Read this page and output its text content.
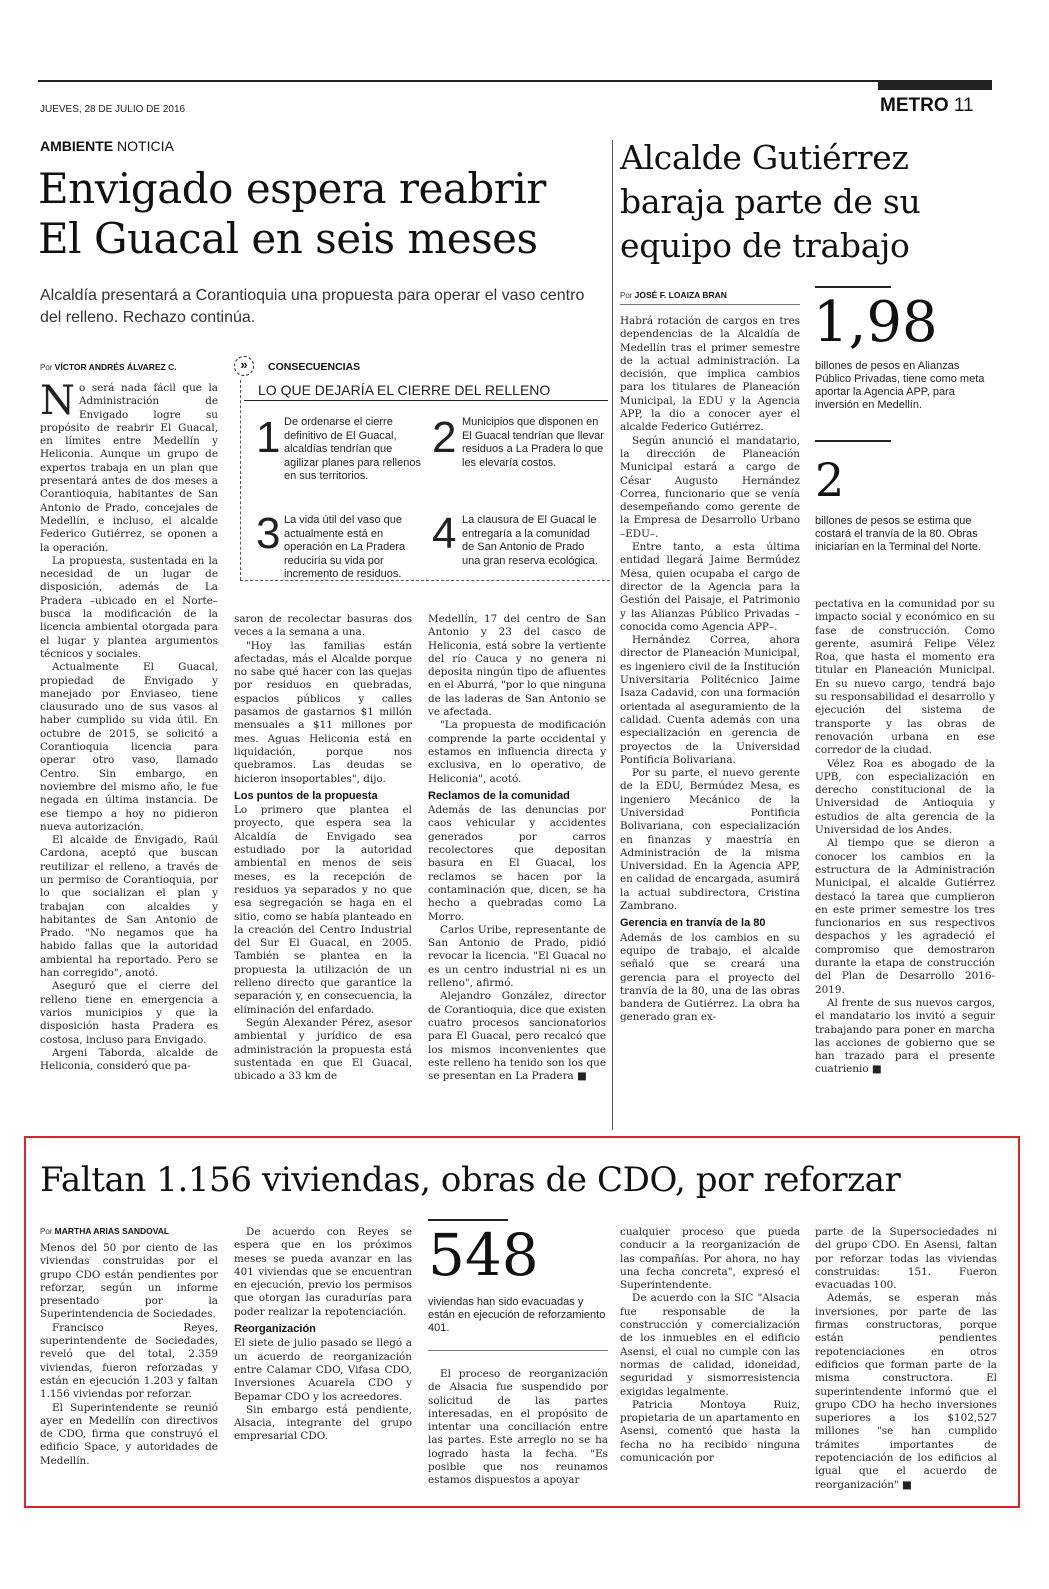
JUEVES, 28 DE JULIO DE 2016	METRO 11
AMBIENTE NOTICIA
Envigado espera reabrir
El Guacal en seis meses
Alcaldía presentará a Corantioquia una propuesta para operar el vaso centro del relleno. Rechazo continúa.
Por VÍCTOR ANDRÉS ÁLVAREZ C.	»	CONSECUENCIAS
LO QUE DEJARÍA EL CIERRE DEL RELLENO
1 De ordenarse el cierre definitivo de El Guacal, alcaldías tendrían que agilizar planes para rellenos en sus territorios.
2 Municipios que disponen en El Guacal tendrían que llevar residuos a La Pradera lo que les elevaría costos.
3 La vida útil del vaso que actualmente está en operación en La Pradera reduciría su vida por incremento de residuos.
4 La clausura de El Guacal le entregaría a la comunidad de San Antonio de Prado una gran reserva ecológica.

No será nada fácil que la Administración de Envigado logre su propósito de reabrir El Guacal, en límites entre Medellín y Heliconia. Aunque un grupo de expertos trabaja en un plan que presentará antes de dos meses a Corantioquia, habitantes de San Antonio de Prado, concejales de Medellín, e incluso, el alcalde Federico Gutiérrez, se oponen a la operación.

La propuesta, sustentada en la necesidad de un lugar de disposición, además de La Pradera –ubicado en el Norte– busca la modificación de la licencia ambiental otorgada para el lugar y plantea argumentos técnicos y sociales.

Actualmente El Guacal, propiedad de Envigado y manejado por Enviaseo, tiene clausurado uno de sus vasos al haber cumplido su vida útil. En octubre de 2015, se solicitó a Corantioquia licencia para operar otro vaso, llamado Centro. Sin embargo, en noviembre del mismo año, le fue negada en última instancia. De ese tiempo a hoy no pidieron nueva autorización.

El alcalde de Envigado, Raúl Cardona, aceptó que buscan reutilizar el relleno, a través de un permiso de Corantioquia, por lo que socializan el plan y trabajan con alcaldes y habitantes de San Antonio de Prado. "No negamos que ha habido fallas que la autoridad ambiental ha reportado. Pero se han corregido", anotó.

Aseguró que el cierre del relleno tiene en emergencia a varios municipios y que la disposición hasta Pradera es costosa, incluso para Envigado.

Argeni Taborda, alcalde de Heliconia, consideró que pa-

saron de recolectar basuras dos veces a la semana a una.

"Hoy las familias están afectadas, más el Alcalde porque no sabe qué hacer con las quejas por residuos en quebradas, espacios públicos y calles pasamos de gastarnos $1 millón mensuales a $11 millones por mes. Aguas Heliconia está en liquidación, porque nos quebramos. Las deudas se hicieron insoportables", dijo.

Los puntos de la propuesta

Lo primero que plantea el proyecto, que espera sea la Alcaldía de Envigado sea estudiado por la autoridad ambiental en menos de seis meses, es la recepción de residuos ya separados y no que esa segregación se haga en el sitio, como se había planteado en la creación del Centro Industrial del Sur El Guacal, en 2005. También se plantea en la propuesta la utilización de un relleno directo que garantice la separación y, en consecuencia, la eliminación del enfardado.

Según Alexander Pérez, asesor ambiental y jurídico de esa administración la propuesta está sustentada en que El Guacal, ubicado a 33 km de

Medellín, 17 del centro de San Antonio y 23 del casco de Heliconia, está sobre la vertiente del río Cauca y no genera ni deposita ningún tipo de afluentes en el Aburrá, "por lo que ninguna de las laderas de San Antonio se ve afectada.

"La propuesta de modificación comprende la parte occidental y estamos en influencia directa y exclusiva, en lo operativo, de Heliconia", acotó.

Reclamos de la comunidad

Además de las denuncias por caos vehicular y accidentes generados por carros recolectores que depositan basura en El Guacal, los reclamos se hacen por la contaminación que, dicen, se ha hecho a quebradas como La Morro.

Carlos Uribe, representante de San Antonio de Prado, pidió revocar la licencia. "El Guacal no es un centro industrial ni es un relleno", afirmó.

Alejandro González, director de Corantioquia, dice que existen cuatro procesos sancionatorios para El Guacal, pero recalcó que los mismos inconvenientes que este relleno ha tenido son los que se presentan en La Pradera ■

Alcalde Gutiérrez
baraja parte de su
equipo de trabajo
Por JOSÉ F. LOAIZA BRAN 1,98
billones de pesos en Alianzas Público Privadas, tiene como meta aportar la Agencia APP, para inversión en Medellín.
2
billones de pesos se estima que costará el tranvía de la 80. Obras iniciarían en la Terminal del Norte.

Habrá rotación de cargos en tres dependencias de la Alcaldía de Medellín tras el primer semestre de la actual administración. La decisión, que implica cambios para los titulares de Planeación Municipal, la EDU y la Agencia APP, la dio a conocer ayer el alcalde Federico Gutiérrez.

Según anunció el mandatario, la dirección de Planeación Municipal estará a cargo de César Augusto Hernández Correa, funcionario que se venía desempeñando como gerente de la Empresa de Desarrollo Urbano –EDU–.

Entre tanto, a esta última entidad llegará Jaime Bermúdez Mesa, quien ocupaba el cargo de director de la Agencia para la Gestión del Paisaje, el Patrimonio y las Alianzas Público Privadas –conocida como Agencia APP–.

Hernández Correa, ahora director de Planeación Municipal, es ingeniero civil de la Institución Universitaria Politécnico Jaime Isaza Cadavid, con una formación orientada al aseguramiento de la calidad. Cuenta además con una especialización en gerencia de proyectos de la Universidad Pontificia Bolivariana.

Por su parte, el nuevo gerente de la EDU, Bermúdez Mesa, es ingeniero Mecánico de la Universidad Pontificia Bolivariana, con especialización en finanzas y maestría en Administración de la misma Universidad. En la Agencia APP, en calidad de encargada, asumirá la actual subdirectora, Cristina Zambrano.

Gerencia en tranvía de la 80

Además de los cambios en su equipo de trabajo, el alcalde señaló que se creará una gerencia para el proyecto del tranvía de la 80, una de las obras bandera de Gutiérrez. La obra ha generado gran ex-

pectativa en la comunidad por su impacto social y económico en su fase de construcción. Como gerente, asumirá Felipe Vélez Roa, que hasta el momento era titular en Planeación Municipal. En su nuevo cargo, tendrá bajo su responsabilidad el desarrollo y ejecución del sistema de transporte y las obras de renovación urbana en ese corredor de la ciudad.

Vélez Roa es abogado de la UPB, con especialización en derecho constitucional de la Universidad de Antioquia y estudios de alta gerencia de la Universidad de los Andes.

Al tiempo que se dieron a conocer los cambios en la estructura de la Administración Municipal, el alcalde Gutiérrez destacó la tarea que cumplieron en este primer semestre los tres funcionarios en sus respectivos despachos y les agradeció el compromiso que demostraron durante la etapa de construcción del Plan de Desarrollo 2016-2019.

Al frente de sus nuevos cargos, el mandatario los invitó a seguir trabajando para poner en marcha las acciones de gobierno que se han trazado para el presente cuatrienio ■

Faltan 1.156 viviendas, obras de CDO, por reforzar
Por MARTHA ARIAS SANDOVAL	548
viviendas han sido evacuadas y están en ejecución de reforzamiento 401.

Menos del 50 por ciento de las viviendas construidas por el grupo CDO están pendientes por reforzar, según un informe presentado por la Superintendencia de Sociedades.

Francisco Reyes, superintendente de Sociedades, reveló que del total, 2.359 viviendas, fueron reforzadas y están en ejecución 1.203 y faltan 1.156 viviendas por reforzar.

El Superintendente se reunió ayer en Medellín con directivos de CDO, firma que construyó el edificio Space, y autoridades de Medellín.

De acuerdo con Reyes se espera que en los próximos meses se pueda avanzar en las 401 viviendas que se encuentran en ejecución, previo los permisos que otorgan las curadurías para poder realizar la repotenciación.

Reorganización

El siete de julio pasado se llegó a un acuerdo de reorganización entre Calamar CDO, Vifasa CDO, Inversiones Acuarela CDO y Bepamar CDO y los acreedores.

Sin embargo está pendiente, Alsacia, integrante del grupo empresarial CDO.

El proceso de reorganización de Alsacia fue suspendido por solicitud de las partes interesadas, en el propósito de intentar una conciliación entre las partes. Este arreglo no se ha logrado hasta la fecha. "Es posible que nos reunamos estamos dispuestos a apoyar

cualquier proceso que pueda conducir a la reorganización de las compañías. Por ahora, no hay una fecha concreta", expresó el Superintendente.

De acuerdo con la SIC "Alsacia fue responsable de la construcción y comercialización de los inmuebles en el edificio Asensi, el cual no cumple con las normas de calidad, idoneidad, seguridad y sismorresistencia exigidas legalmente.

Patricia Montoya Ruiz, propietaria de un apartamento en Asensi, comentó que hasta la fecha no ha recibido ninguna comunicación por

parte de la Supersociedades ni del grupo CDO. En Asensi, faltan por reforzar todas las viviendas construidas: 151. Fueron evacuadas 100.

Además, se esperan más inversiones, por parte de las firmas constructoras, porque están pendientes repotenciaciones en otros edificios que forman parte de la misma constructora. El superintendente informó que el grupo CDO ha hecho inversiones superiores a los $102,527 millones "se han cumplido trámites importantes de repotenciación de los edificios al igual que el acuerdo de reorganización" ■
